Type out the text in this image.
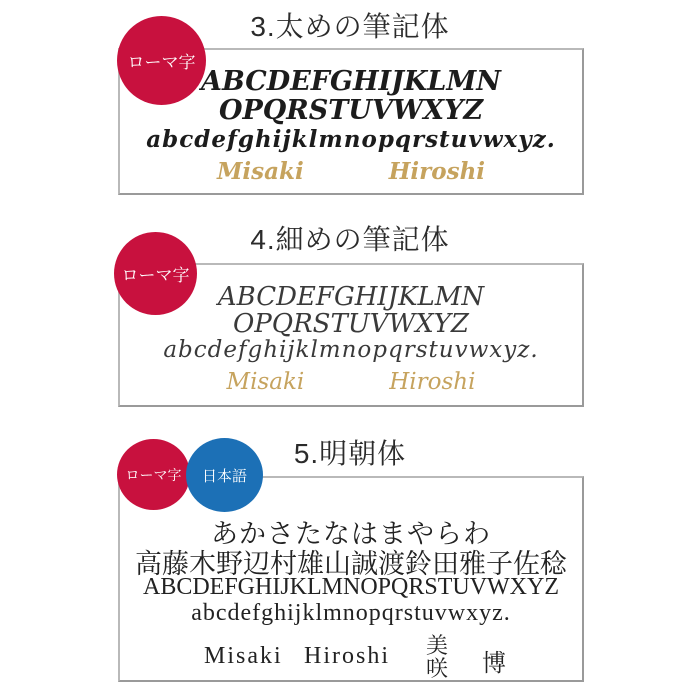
3.太めの筆記体
ABCDEFGHIJKLMN
OPQRSTUVWXYZ
abcdefghijklmnopqrstuvwxyz.
Misaki	Hiroshi
ローマ字
4.細めの筆記体
ABCDEFGHIJKLMN
OPQRSTUVWXYZ
abcdefghijklmnopqrstuvwxyz.
Misaki	Hiroshi
ローマ字
5.明朝体
あかさたなはまやらわ
高藤木野辺村雄山誠渡鈴田雅子佐稔
ABCDEFGHIJKLMNOPQRSTUVWXYZ
abcdefghijklmnopqrstuvwxyz.
Misaki Hiroshi 美
咲 博
ローマ字 日本語
